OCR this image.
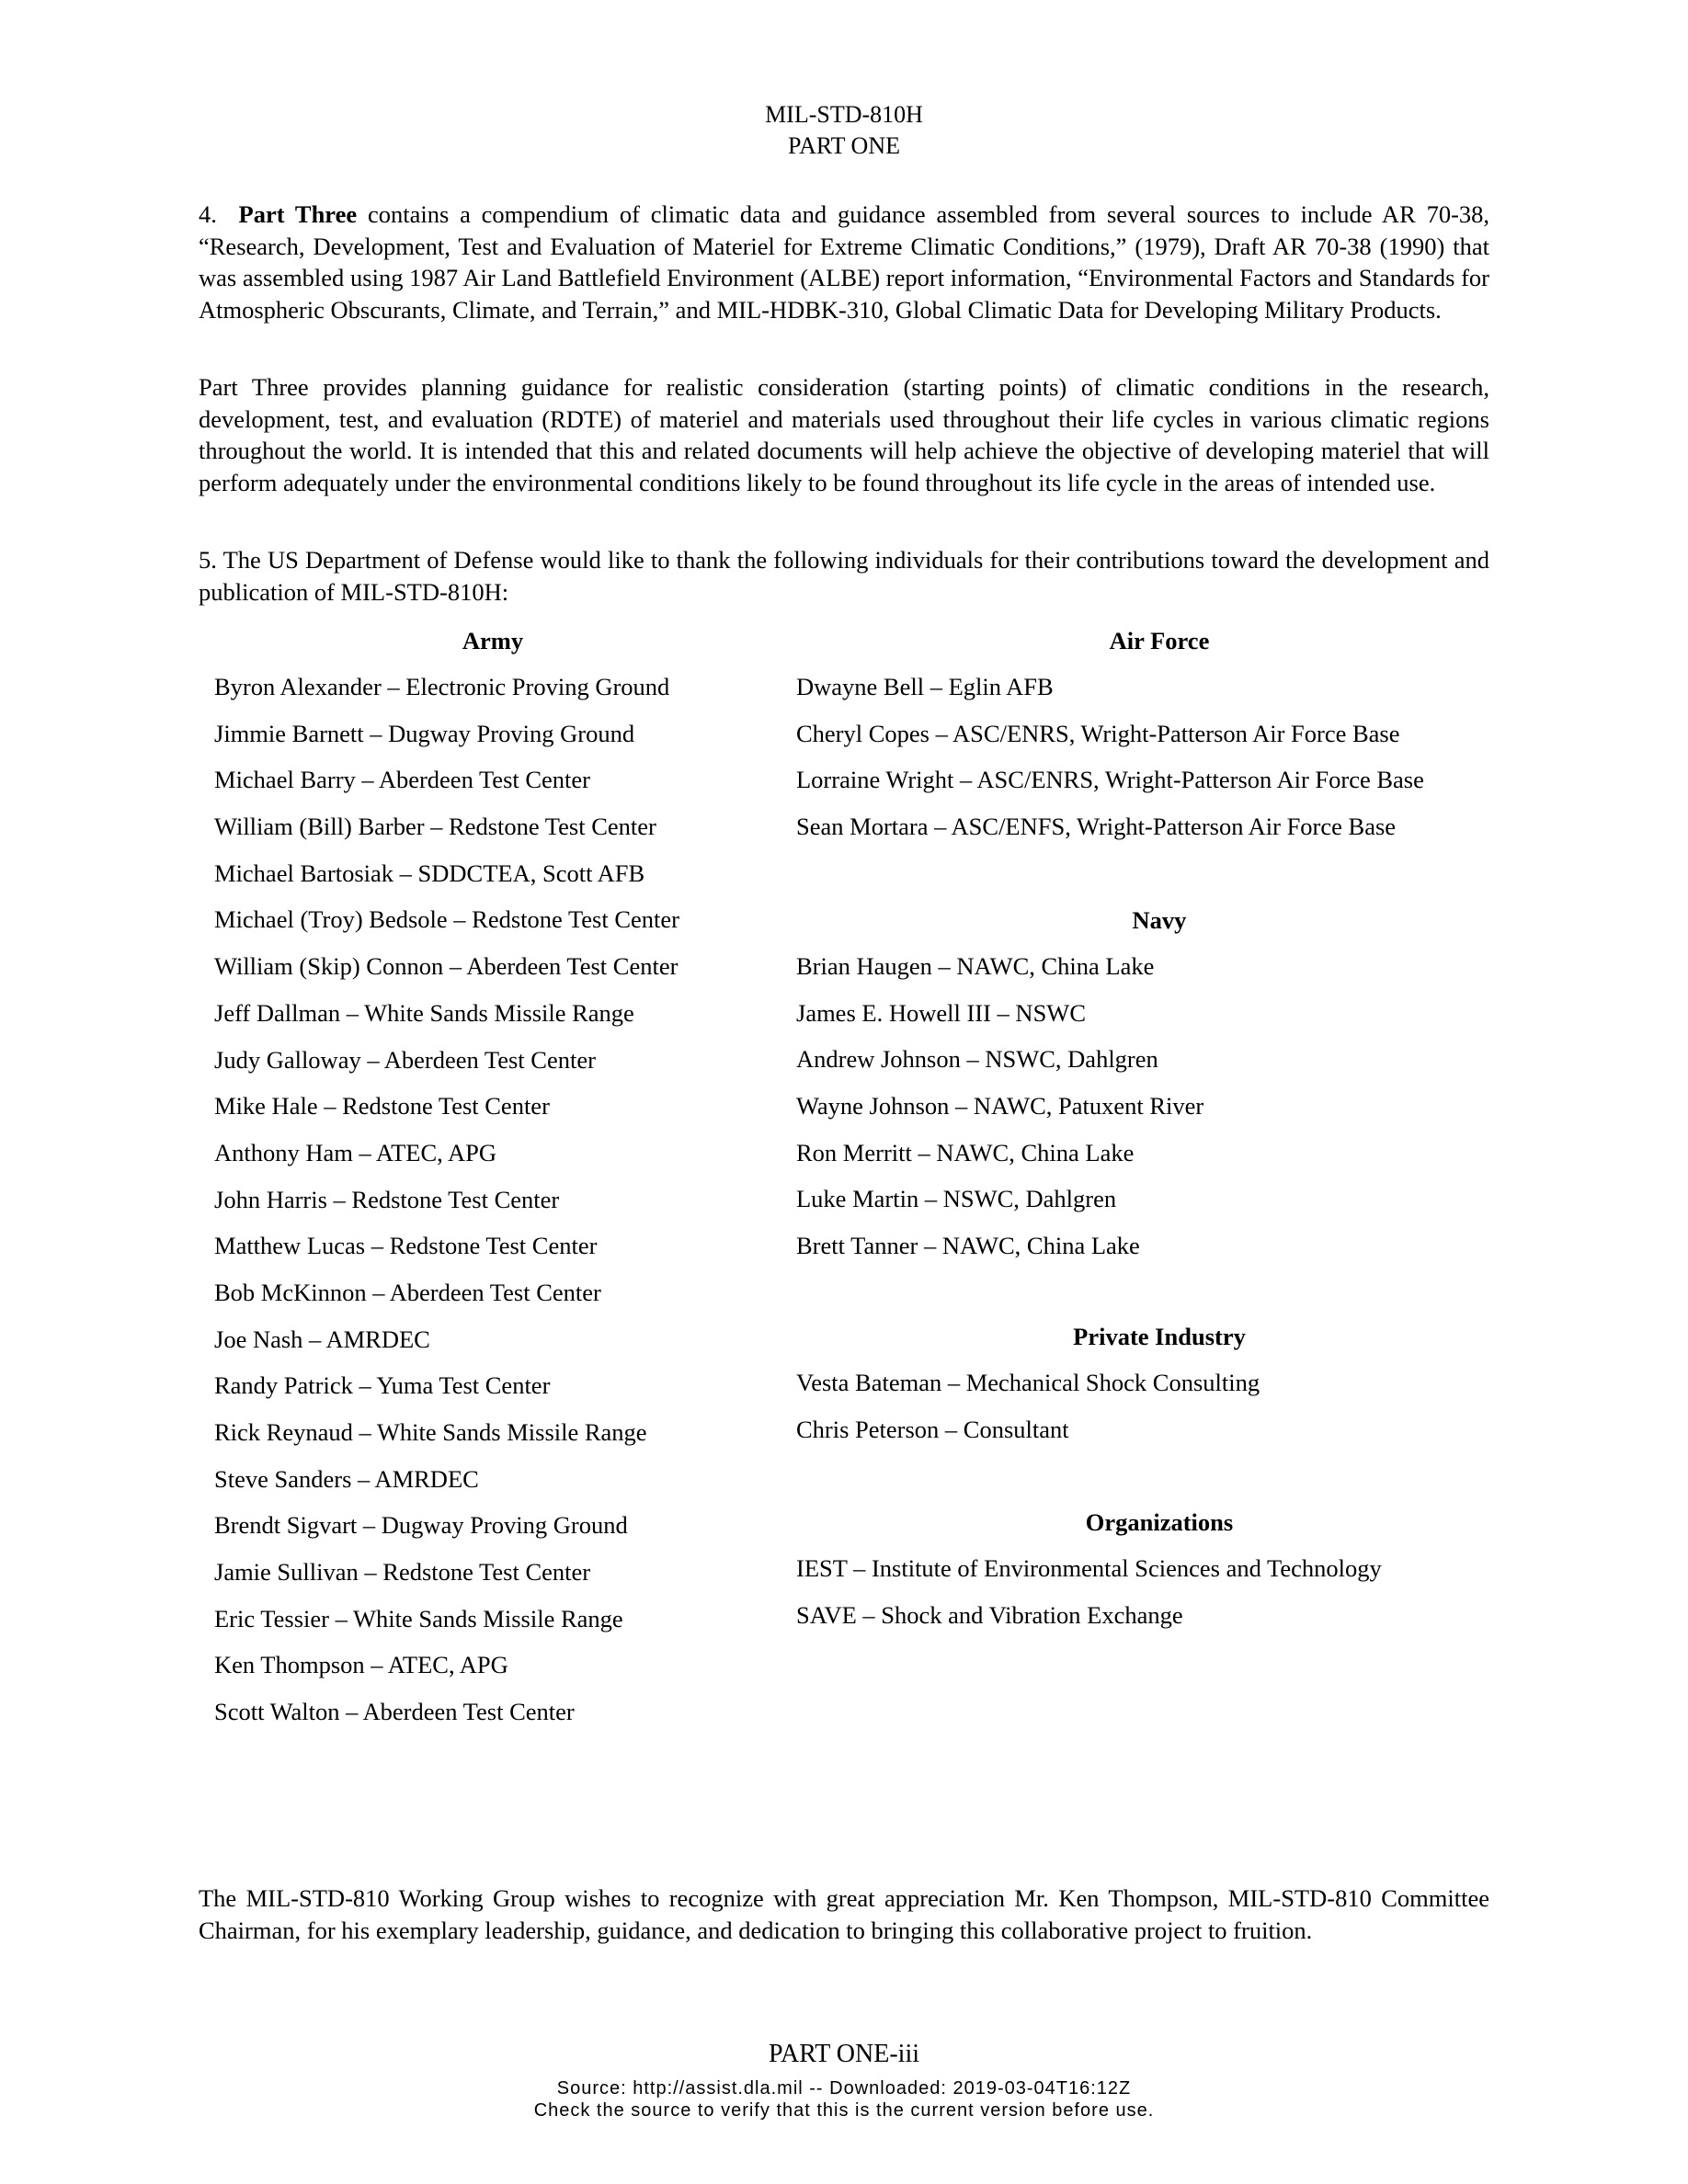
MIL-STD-810H
PART ONE
4. Part Three contains a compendium of climatic data and guidance assembled from several sources to include AR 70-38, “Research, Development, Test and Evaluation of Materiel for Extreme Climatic Conditions,” (1979), Draft AR 70-38 (1990) that was assembled using 1987 Air Land Battlefield Environment (ALBE) report information, “Environmental Factors and Standards for Atmospheric Obscurants, Climate, and Terrain,” and MIL-HDBK-310, Global Climatic Data for Developing Military Products.
Part Three provides planning guidance for realistic consideration (starting points) of climatic conditions in the research, development, test, and evaluation (RDTE) of materiel and materials used throughout their life cycles in various climatic regions throughout the world. It is intended that this and related documents will help achieve the objective of developing materiel that will perform adequately under the environmental conditions likely to be found throughout its life cycle in the areas of intended use.
5. The US Department of Defense would like to thank the following individuals for their contributions toward the development and publication of MIL-STD-810H:
Army
Byron Alexander – Electronic Proving Ground
Jimmie Barnett – Dugway Proving Ground
Michael Barry – Aberdeen Test Center
William (Bill) Barber – Redstone Test Center
Michael Bartosiak – SDDCTEA, Scott AFB
Michael (Troy) Bedsole – Redstone Test Center
William (Skip) Connon – Aberdeen Test Center
Jeff Dallman – White Sands Missile Range
Judy Galloway – Aberdeen Test Center
Mike Hale – Redstone Test Center
Anthony Ham – ATEC, APG
John Harris – Redstone Test Center
Matthew Lucas – Redstone Test Center
Bob McKinnon – Aberdeen Test Center
Joe Nash – AMRDEC
Randy Patrick – Yuma Test Center
Rick Reynaud – White Sands Missile Range
Steve Sanders – AMRDEC
Brendt Sigvart – Dugway Proving Ground
Jamie Sullivan – Redstone Test Center
Eric Tessier – White Sands Missile Range
Ken Thompson – ATEC, APG
Scott Walton – Aberdeen Test Center
Air Force
Dwayne Bell – Eglin AFB
Cheryl Copes – ASC/ENRS, Wright-Patterson Air Force Base
Lorraine Wright – ASC/ENRS, Wright-Patterson Air Force Base
Sean Mortara – ASC/ENFS, Wright-Patterson Air Force Base
Navy
Brian Haugen – NAWC, China Lake
James E. Howell III – NSWC
Andrew Johnson – NSWC, Dahlgren
Wayne Johnson – NAWC, Patuxent River
Ron Merritt – NAWC, China Lake
Luke Martin – NSWC, Dahlgren
Brett Tanner – NAWC, China Lake
Private Industry
Vesta Bateman – Mechanical Shock Consulting
Chris Peterson – Consultant
Organizations
IEST – Institute of Environmental Sciences and Technology
SAVE – Shock and Vibration Exchange
The MIL-STD-810 Working Group wishes to recognize with great appreciation Mr. Ken Thompson, MIL-STD-810 Committee Chairman, for his exemplary leadership, guidance, and dedication to bringing this collaborative project to fruition.
PART ONE-iii
Source: http://assist.dla.mil -- Downloaded: 2019-03-04T16:12Z
Check the source to verify that this is the current version before use.
